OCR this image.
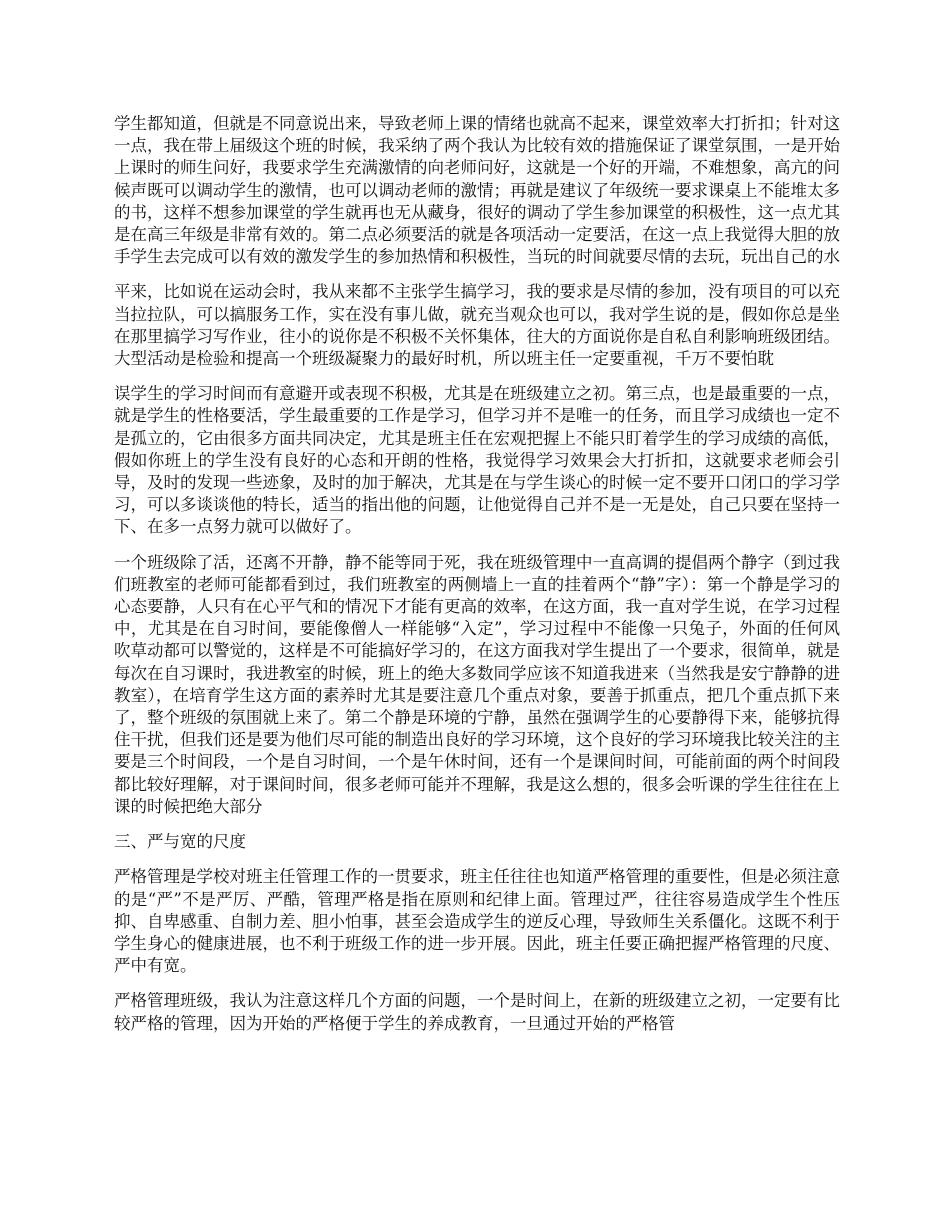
学生都知道，但就是不同意说出来，导致老师上课的情绪也就高不起来，课堂效率大打折扣；针对这一点，我在带上届级这个班的时候，我采纳了两个我认为比较有效的措施保证了课堂氛围，一是开始上课时的师生问好，我要求学生充满激情的向老师问好，这就是一个好的开端，不难想象，高亢的问候声既可以调动学生的激情，也可以调动老师的激情；再就是建议了年级统一要求课桌上不能堆太多的书，这样不想参加课堂的学生就再也无从藏身，很好的调动了学生参加课堂的积极性，这一点尤其是在高三年级是非常有效的。第二点必须要活的就是各项活动一定要活，在这一点上我觉得大胆的放手学生去完成可以有效的激发学生的参加热情和积极性，当玩的时间就要尽情的去玩，玩出自己的水

平来，比如说在运动会时，我从来都不主张学生搞学习，我的要求是尽情的参加，没有项目的可以充当拉拉队，可以搞服务工作，实在没有事儿做，就充当观众也可以，我对学生说的是，假如你总是坐在那里搞学习写作业，往小的说你是不积极不关怀集体，往大的方面说你是自私自利影响班级团结。大型活动是检验和提高一个班级凝聚力的最好时机，所以班主任一定要重视，千万不要怕耽

误学生的学习时间而有意避开或表现不积极，尤其是在班级建立之初。第三点，也是最重要的一点，就是学生的性格要活，学生最重要的工作是学习，但学习并不是唯一的任务，而且学习成绩也一定不是孤立的，它由很多方面共同决定，尤其是班主任在宏观把握上不能只盯着学生的学习成绩的高低，假如你班上的学生没有良好的心态和开朗的性格，我觉得学习效果会大打折扣，这就要求老师会引导，及时的发现一些迹象，及时的加于解决，尤其是在与学生谈心的时候一定不要开口闭口的学习学习，可以多谈谈他的特长，适当的指出他的问题，让他觉得自己并不是一无是处，自己只要在坚持一下、在多一点努力就可以做好了。

一个班级除了活，还离不开静，静不能等同于死，我在班级管理中一直高调的提倡两个静字（到过我们班教室的老师可能都看到过，我们班教室的两侧墙上一直的挂着两个“静”字）：第一个静是学习的心态要静，人只有在心平气和的情况下才能有更高的效率，在这方面，我一直对学生说，在学习过程中，尤其是在自习时间，要能像僧人一样能够“入定”，学习过程中不能像一只兔子，外面的任何风吹草动都可以警觉的，这样是不可能搞好学习的，在这方面我对学生提出了一个要求，很简单，就是每次在自习课时，我进教室的时候，班上的绝大多数同学应该不知道我进来（当然我是安宁静静的进教室），在培育学生这方面的素养时尤其是要注意几个重点对象，要善于抓重点，把几个重点抓下来了，整个班级的氛围就上来了。第二个静是环境的宁静，虽然在强调学生的心要静得下来，能够抗得住干扰，但我们还是要为他们尽可能的制造出良好的学习环境，这个良好的学习环境我比较关注的主要是三个时间段，一个是自习时间，一个是午休时间，还有一个是课间时间，可能前面的两个时间段都比较好理解，对于课间时间，很多老师可能并不理解，我是这么想的，很多会听课的学生往往在上课的时候把绝大部分

三、严与宽的尺度

严格管理是学校对班主任管理工作的一贯要求，班主任往往也知道严格管理的重要性，但是必须注意的是“严”不是严厉、严酷，管理严格是指在原则和纪律上面。管理过严，往往容易造成学生个性压抑、自卑感重、自制力差、胆小怕事，甚至会造成学生的逆反心理，导致师生关系僵化。这既不利于学生身心的健康进展，也不利于班级工作的进一步开展。因此，班主任要正确把握严格管理的尺度、严中有宽。

严格管理班级，我认为注意这样几个方面的问题，一个是时间上，在新的班级建立之初，一定要有比较严格的管理，因为开始的严格便于学生的养成教育，一旦通过开始的严格管
